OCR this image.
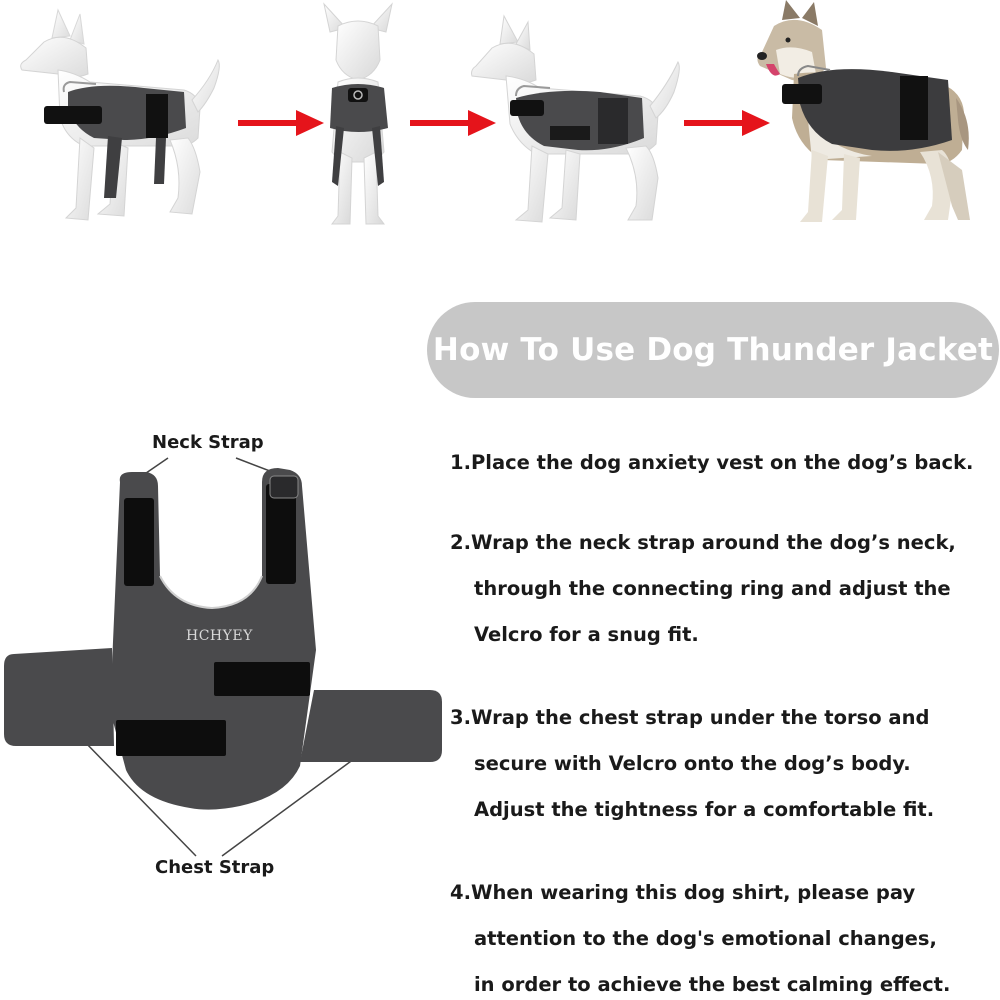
How To Use Dog Thunder Jacket
Neck Strap
Chest Strap
HCHYEY
1.Place the dog anxiety vest on the dog’s back.
2.Wrap the neck strap around the dog’s neck,
through the connecting ring and adjust the
Velcro for a snug fit.
3.Wrap the chest strap under the torso and
secure with Velcro onto the dog’s body.
Adjust the tightness for a comfortable fit.
4.When wearing this dog shirt, please pay
attention to the dog's emotional changes,
in order to achieve the best calming effect.
